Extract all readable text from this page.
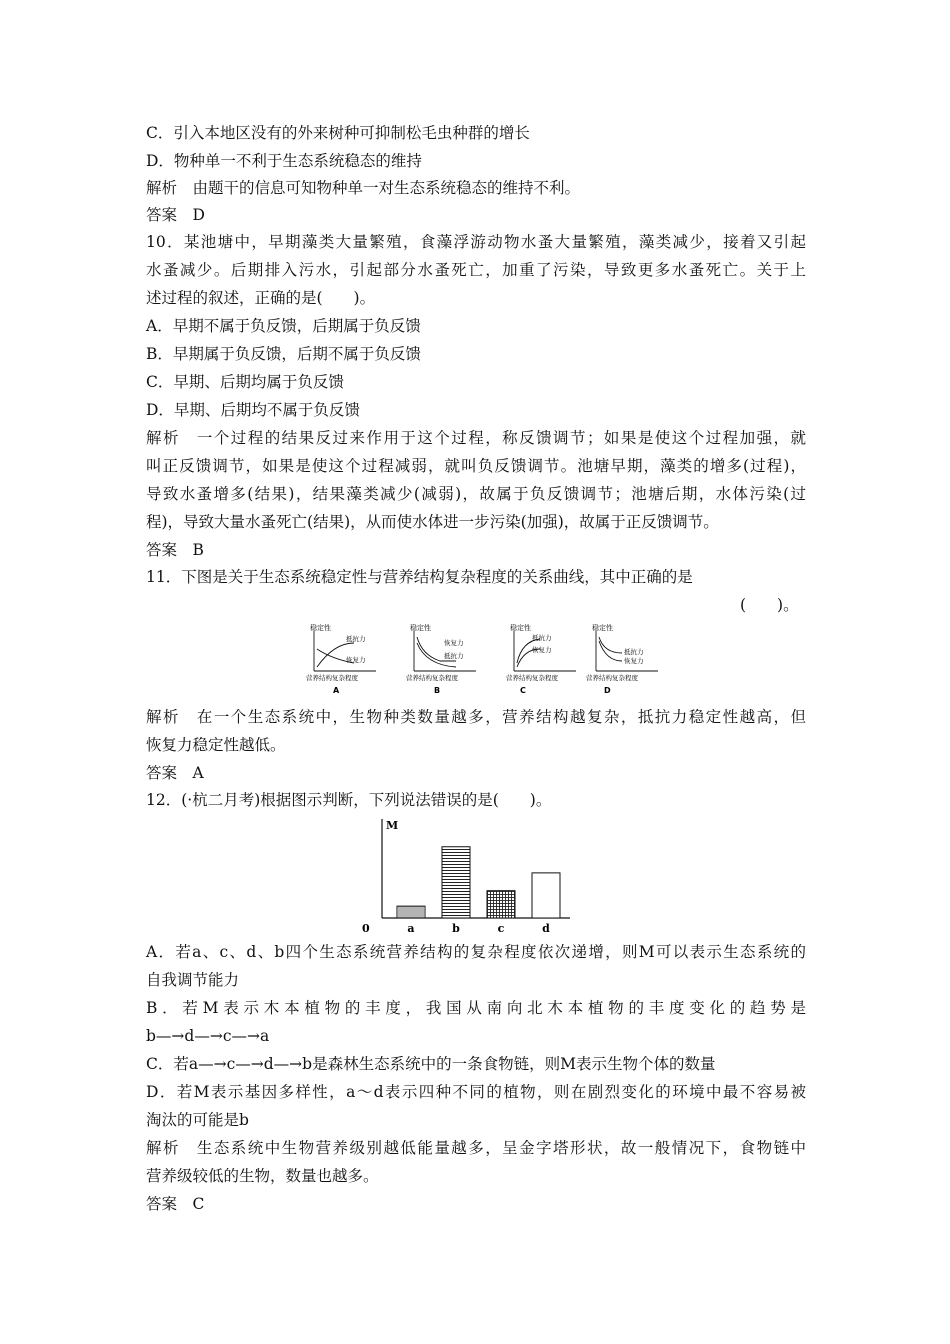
C．引入本地区没有的外来树种可抑制松毛虫种群的增长
D．物种单一不利于生态系统稳态的维持
解析　由题干的信息可知物种单一对生态系统稳态的维持不利。
答案　D
10．某池塘中，早期藻类大量繁殖，食藻浮游动物水蚤大量繁殖，藻类减少，接着又引起
水蚤减少。后期排入污水，引起部分水蚤死亡，加重了污染，导致更多水蚤死亡。关于上
述过程的叙述，正确的是(　　)。
A．早期不属于负反馈，后期属于负反馈
B．早期属于负反馈，后期不属于负反馈
C．早期、后期均属于负反馈
D．早期、后期均不属于负反馈
解析　一个过程的结果反过来作用于这个过程，称反馈调节；如果是使这个过程加强，就
叫正反馈调节，如果是使这个过程减弱，就叫负反馈调节。池塘早期，藻类的增多(过程)，
导致水蚤增多(结果)，结果藻类减少(减弱)，故属于负反馈调节；池塘后期，水体污染(过
程)，导致大量水蚤死亡(结果)，从而使水体进一步污染(加强)，故属于正反馈调节。
答案　B
11．下图是关于生态系统稳定性与营养结构复杂程度的关系曲线，其中正确的是
(　　)。
稳定性
抵抗力
恢复力
营养结构复杂程度
A
稳定性
恢复力
抵抗力
营养结构复杂程度
B
稳定性
抵抗力
恢复力
营养结构复杂程度
C
稳定性
抵抗力
恢复力
营养结构复杂程度
D
解析　在一个生态系统中，生物种类数量越多，营养结构越复杂，抵抗力稳定性越高，但
恢复力稳定性越低。
答案　A
12．(·杭二月考)根据图示判断，下列说法错误的是(　　)。
M
0	a	b	c	d
A．若a、c、d、b四个生态系统营养结构的复杂程度依次递增，则M可以表示生态系统的
自我调节能力
B．若M表示木本植物的丰度，我国从南向北木本植物的丰度变化的趋势是
b—→d—→c—→a
C．若a—→c—→d—→b是森林生态系统中的一条食物链，则M表示生物个体的数量
D．若M表示基因多样性，a～d表示四种不同的植物，则在剧烈变化的环境中最不容易被
淘汰的可能是b
解析　生态系统中生物营养级别越低能量越多，呈金字塔形状，故一般情况下，食物链中
营养级较低的生物，数量也越多。
答案　C
